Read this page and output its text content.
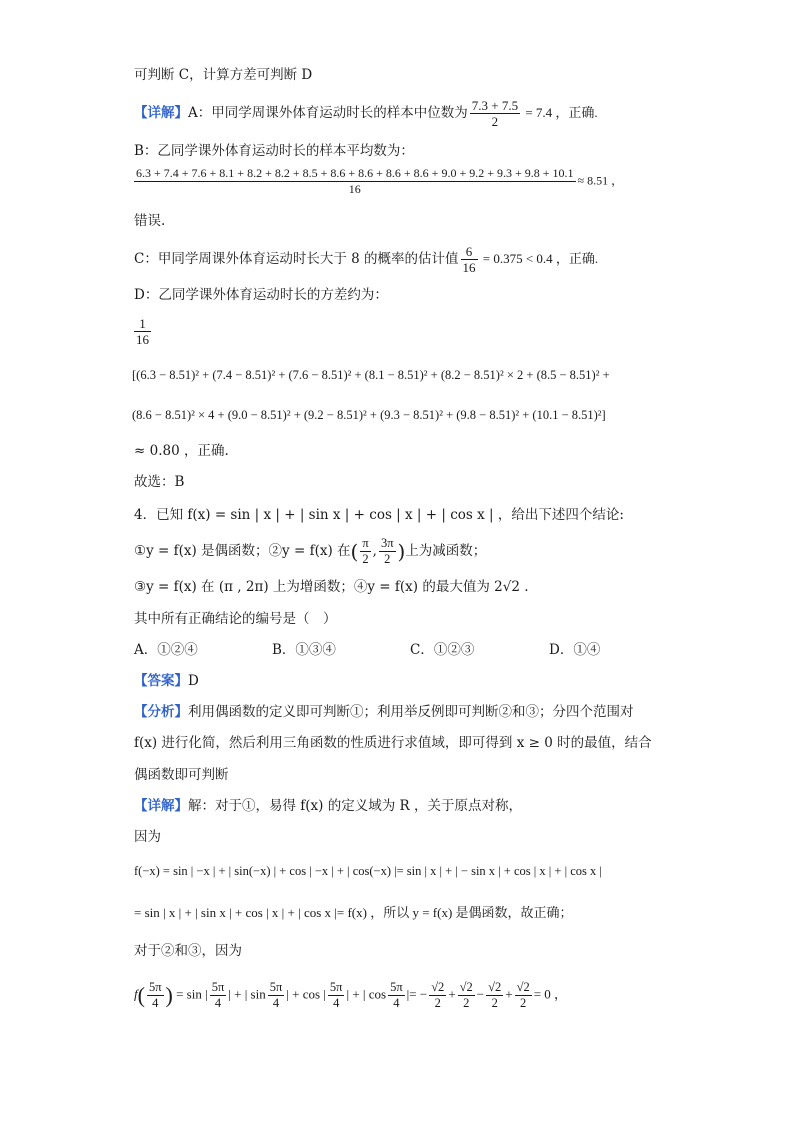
可判断 C，计算方差可判断 D
【详解】A：甲同学周课外体育运动时长的样本中位数为 $\frac{7.3 + 7.5}{2} = 7.4$ ，正确.
B：乙同学课外体育运动时长的样本平均数为：
6.3 + 7.4 + 7.6 + 8.1 + 8.2 + 8.2 + 8.5 + 8.6 + 8.6 + 8.6 + 8.6 + 9.0 + 9.2 + 9.3 + 9.8 + 10.1
16
≈ 8.51 ，
错误.
C：甲同学周课外体育运动时长大于 8 的概率的估计值 $\frac{6}{16} = 0.375 < 0.4$ ，正确.
D：乙同学课外体育运动时长的方差约为：
$\frac{1}{16}$
[(6.3 − 8.51)² + (7.4 − 8.51)² + (7.6 − 8.51)² + (8.1 − 8.51)² + (8.2 − 8.51)² × 2 + (8.5 − 8.51)² +
(8.6 − 8.51)² × 4 + (9.0 − 8.51)² + (9.2 − 8.51)² + (9.3 − 8.51)² + (9.8 − 8.51)² + (10.1 − 8.51)²]
≈ 0.80 ，正确.
故选：B
4．已知 f(x) = sin | x | + | sin x | + cos | x | + | cos x | ，给出下述四个结论:
①y = f(x) 是偶函数；②y = f(x) 在( $\frac{\pi}{2}$ , $\frac{3\pi}{2}$ )上为减函数；
③y = f(x) 在 (π , 2π) 上为增函数；④y = f(x) 的最大值为 2√2 .
其中所有正确结论的编号是（　）
A．①②④	B．①③④	C．①②③	D．①④
【答案】D
【分析】利用偶函数的定义即可判断①；利用举反例即可判断②和③；分四个范围对
f(x) 进行化简，然后利用三角函数的性质进行求值域，即可得到 x ≥ 0 时的最值，结合
偶函数即可判断
【详解】解：对于①，易得 f(x) 的定义域为 R ，关于原点对称，
因为
f(−x) = sin | −x | + | sin(−x) | + cos | −x | + | cos(−x) |= sin | x | + | − sin x | + cos | x | + | cos x |
= sin | x | + | sin x | + cos | x | + | cos x |= f(x) ，所以 y = f(x) 是偶函数，故正确；
对于②和③，因为
$f( \frac{5\pi}{4}$ ) = sin | $\frac{5\pi}{4}$ | + | $\sin \frac{5\pi}{4}$ | + cos | $\frac{5\pi}{4}$ | + | $\cos \frac{5\pi}{4}$ |= − $\frac{√2}{2} + \frac{√2}{2} - \frac{√2}{2} + \frac{√2}{2} = 0$ ，
